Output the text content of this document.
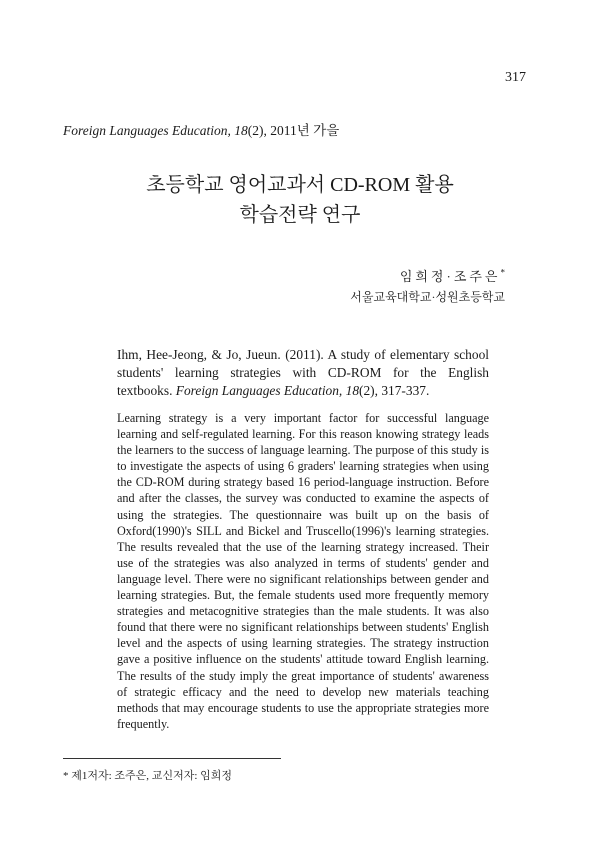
317
Foreign Languages Education, 18(2), 2011년 가을
초등학교 영어교과서 CD-ROM 활용
학습전략 연구
임희정·조주은*
서울교육대학교·성원초등학교
Ihm, Hee-Jeong, & Jo, Jueun. (2011). A study of elementary school students' learning strategies with CD-ROM for the English textbooks. Foreign Languages Education, 18(2), 317-337.
Learning strategy is a very important factor for successful language learning and self-regulated learning. For this reason knowing strategy leads the learners to the success of language learning. The purpose of this study is to investigate the aspects of using 6 graders' learning strategies when using the CD-ROM during strategy based 16 period-language instruction. Before and after the classes, the survey was conducted to examine the aspects of using the strategies. The questionnaire was built up on the basis of Oxford(1990)'s SILL and Bickel and Truscello(1996)'s learning strategies. The results revealed that the use of the learning strategy increased. Their use of the strategies was also analyzed in terms of students' gender and language level. There were no significant relationships between gender and learning strategies. But, the female students used more frequently memory strategies and metacognitive strategies than the male students. It was also found that there were no significant relationships between students' English level and the aspects of using learning strategies. The strategy instruction gave a positive influence on the students' attitude toward English learning. The results of the study imply the great importance of students' awareness of strategic efficacy and the need to develop new materials teaching methods that may encourage students to use the appropriate strategies more frequently.
* 제1저자: 조주은, 교신저자: 임희정
